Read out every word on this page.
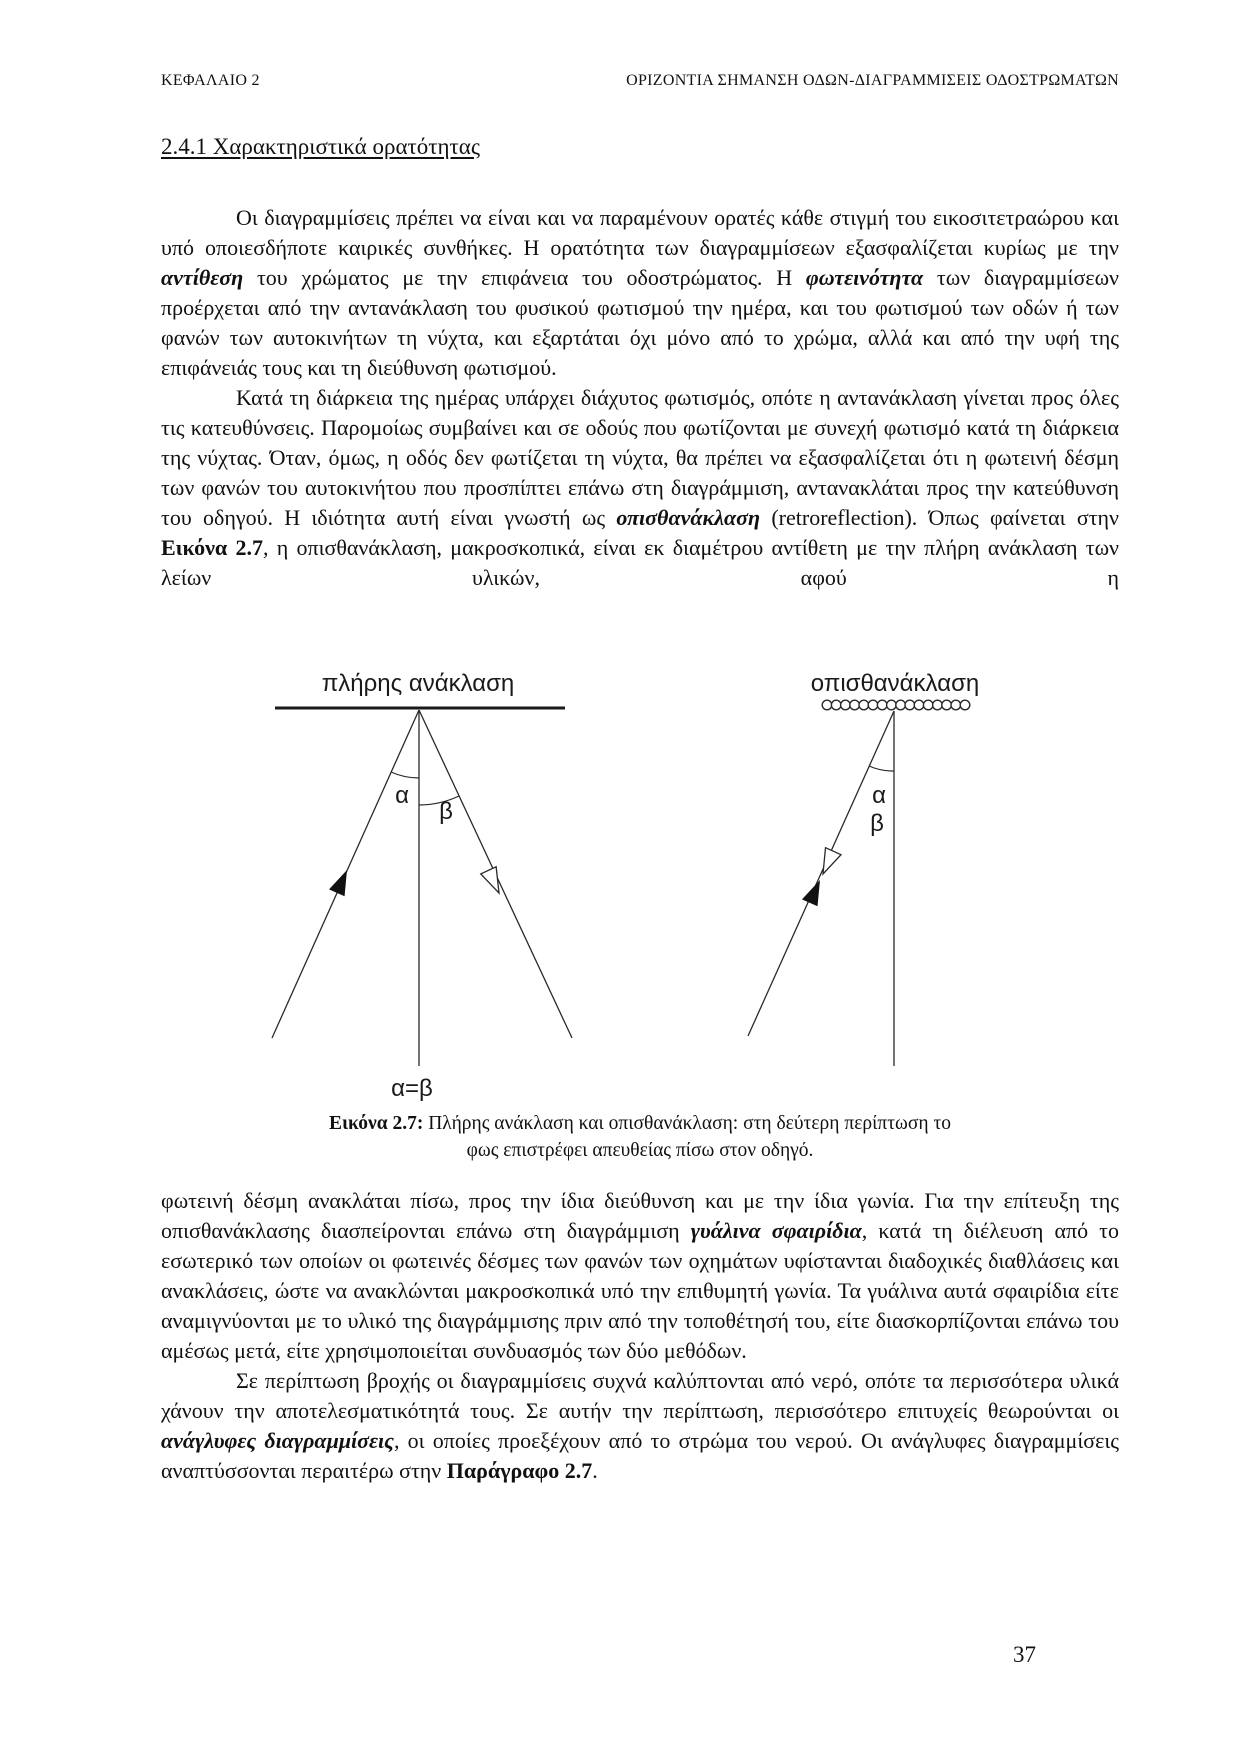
ΚΕΦΑΛΑΙΟ 2	ΟΡΙΖΟΝΤΙΑ ΣΗΜΑΝΣΗ ΟΔΩΝ-ΔΙΑΓΡΑΜΜΙΣΕΙΣ ΟΔΟΣΤΡΩΜΑΤΩΝ
2.4.1 Χαρακτηριστικά ορατότητας

Οι διαγραμμίσεις πρέπει να είναι και να παραμένουν ορατές κάθε στιγμή του εικοσιτετραώρου και υπό οποιεσδήποτε καιρικές συνθήκες. Η ορατότητα των διαγραμμίσεων εξασφαλίζεται κυρίως με την αντίθεση του χρώματος με την επιφάνεια του οδοστρώματος. Η φωτεινότητα των διαγραμμίσεων προέρχεται από την αντανάκλαση του φυσικού φωτισμού την ημέρα, και του φωτισμού των οδών ή των φανών των αυτοκινήτων τη νύχτα, και εξαρτάται όχι μόνο από το χρώμα, αλλά και από την υφή της επιφάνειάς τους και τη διεύθυνση φωτισμού.

Κατά τη διάρκεια της ημέρας υπάρχει διάχυτος φωτισμός, οπότε η αντανάκλαση γίνεται προς όλες τις κατευθύνσεις. Παρομοίως συμβαίνει και σε οδούς που φωτίζονται με συνεχή φωτισμό κατά τη διάρκεια της νύχτας. Όταν, όμως, η οδός δεν φωτίζεται τη νύχτα, θα πρέπει να εξασφαλίζεται ότι η φωτεινή δέσμη των φανών του αυτοκινήτου που προσπίπτει επάνω στη διαγράμμιση, αντανακλάται προς την κατεύθυνση του οδηγού. Η ιδιότητα αυτή είναι γνωστή ως οπισθανάκλαση (retroreflection). Όπως φαίνεται στην Εικόνα 2.7, η οπισθανάκλαση, μακροσκοπικά, είναι εκ διαμέτρου αντίθετη με την πλήρη ανάκλαση των λείων υλικών, αφού η

πλήρης ανάκλαση
α
β
α=β
οπισθανάκλαση
α
β
Εικόνα 2.7: Πλήρης ανάκλαση και οπισθανάκλαση: στη δεύτερη περίπτωση το φως επιστρέφει απευθείας πίσω στον οδηγό.

φωτεινή δέσμη ανακλάται πίσω, προς την ίδια διεύθυνση και με την ίδια γωνία. Για την επίτευξη της οπισθανάκλασης διασπείρονται επάνω στη διαγράμμιση γυάλινα σφαιρίδια, κατά τη διέλευση από το εσωτερικό των οποίων οι φωτεινές δέσμες των φανών των οχημάτων υφίστανται διαδοχικές διαθλάσεις και ανακλάσεις, ώστε να ανακλώνται μακροσκοπικά υπό την επιθυμητή γωνία. Τα γυάλινα αυτά σφαιρίδια είτε αναμιγνύονται με το υλικό της διαγράμμισης πριν από την τοποθέτησή του, είτε διασκορπίζονται επάνω του αμέσως μετά, είτε χρησιμοποιείται συνδυασμός των δύο μεθόδων.

Σε περίπτωση βροχής οι διαγραμμίσεις συχνά καλύπτονται από νερό, οπότε τα περισσότερα υλικά χάνουν την αποτελεσματικότητά τους. Σε αυτήν την περίπτωση, περισσότερο επιτυχείς θεωρούνται οι ανάγλυφες διαγραμμίσεις, οι οποίες προεξέχουν από το στρώμα του νερού. Οι ανάγλυφες διαγραμμίσεις αναπτύσσονται περαιτέρω στην Παράγραφο 2.7.

37
